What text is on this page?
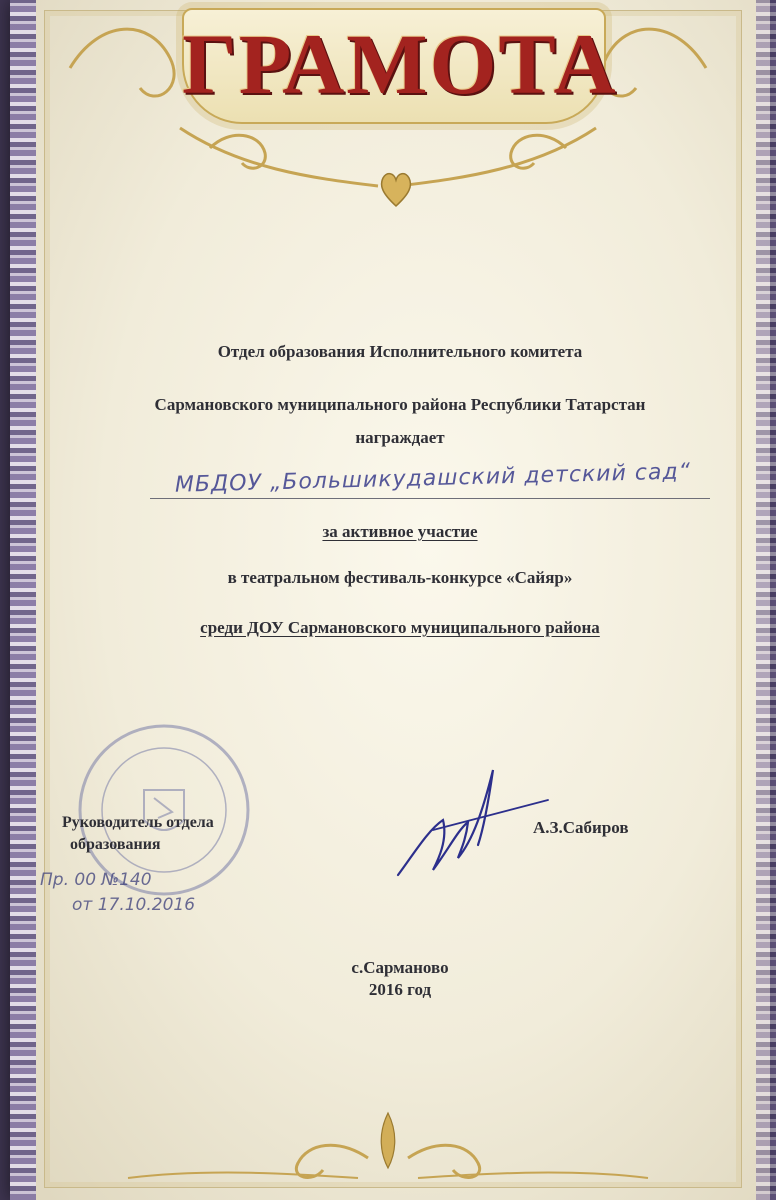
ГРАМОТА
Отдел образования Исполнительного комитета
Сармановского муниципального района Республики Татарстан
награждает
МБДОУ „Большикудашский детский сад“
за активное участие
в театральном фестиваль-конкурсе «Сайяр»
среди ДОУ Сармановского муниципального района
Руководитель отдела
образования
А.З.Сабиров
Пр. 00 №140
от 17.10.2016
с.Сарманово
2016 год
